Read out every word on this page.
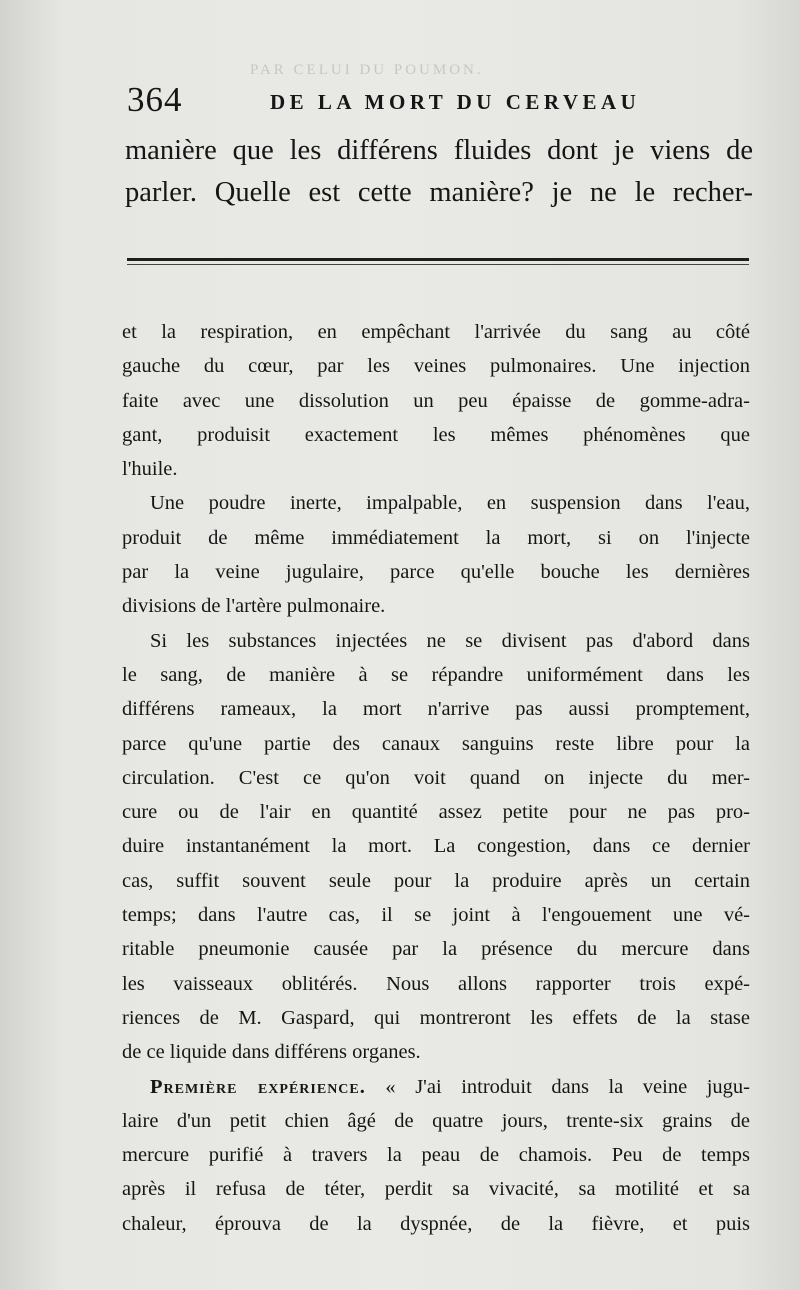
PAR CELUI DU POUMON.
364	DE LA MORT DU CERVEAU

manière que les différens fluides dont je viens de

parler. Quelle est cette manière? je ne le recher-

et la respiration, en empêchant l'arrivée du sang au côté

gauche du cœur, par les veines pulmonaires. Une injection

faite avec une dissolution un peu épaisse de gomme-adra-

gant, produisit exactement les mêmes phénomènes que

l'huile.

Une poudre inerte, impalpable, en suspension dans l'eau,

produit de même immédiatement la mort, si on l'injecte

par la veine jugulaire, parce qu'elle bouche les dernières

divisions de l'artère pulmonaire.

Si les substances injectées ne se divisent pas d'abord dans

le sang, de manière à se répandre uniformément dans les

différens rameaux, la mort n'arrive pas aussi promptement,

parce qu'une partie des canaux sanguins reste libre pour la

circulation. C'est ce qu'on voit quand on injecte du mer-

cure ou de l'air en quantité assez petite pour ne pas pro-

duire instantanément la mort. La congestion, dans ce dernier

cas, suffit souvent seule pour la produire après un certain

temps; dans l'autre cas, il se joint à l'engouement une vé-

ritable pneumonie causée par la présence du mercure dans

les vaisseaux oblitérés. Nous allons rapporter trois expé-

riences de M. Gaspard, qui montreront les effets de la stase

de ce liquide dans différens organes.

Première expérience. « J'ai introduit dans la veine jugu-

laire d'un petit chien âgé de quatre jours, trente-six grains de

mercure purifié à travers la peau de chamois. Peu de temps

après il refusa de téter, perdit sa vivacité, sa motilité et sa

chaleur, éprouva de la dyspnée, de la fièvre, et puis
